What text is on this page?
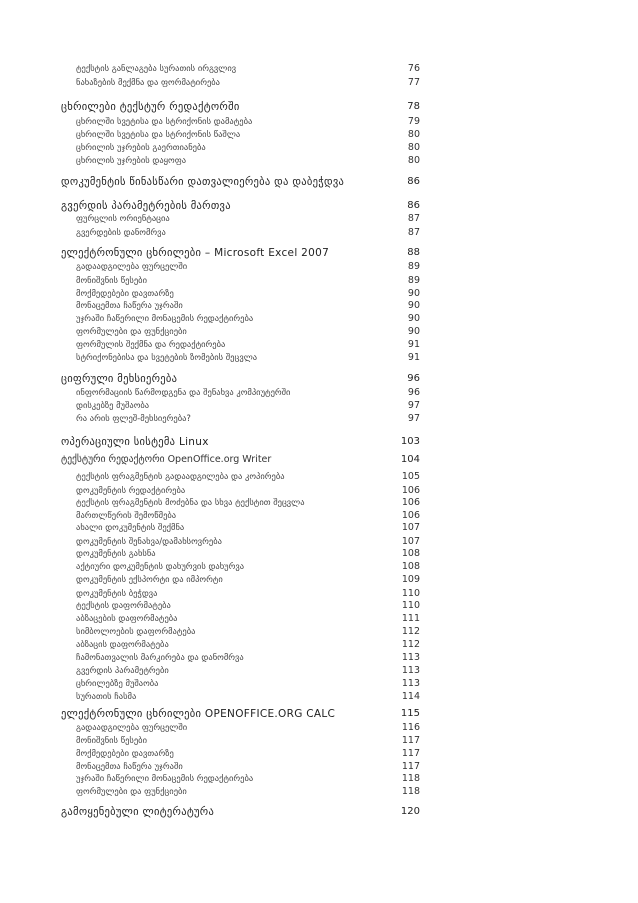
ტექსტის განლაგება სურათის ირგვლივ	76
ნახაზების მექმნა და ფორმატირება	77
ცხრილები ტექსტურ რედაქტორში	78
ცხრილში სვეტისა და სტრიქონის დამატება	79
ცხრილში სვეტისა და სტრიქონის წაშლა	80
ცხრილის უჯრების გაერთიანება	80
ცხრილის უჯრების დაყოფა	80
დოკუმენტის წინასწარი დათვალიერება და დაბეჭდვა	86
გვერდის პარამეტრების მართვა	86
ფურცლის ორიენტაცია	87
გვერდების დანომრვა	87
ელექტრონული ცხრილები – Microsoft Excel 2007	88
გადაადგილება ფურცელში	89
მონიშვნის წესები	89
მოქმედებები დავთარზე	90
მონაცემთა ჩაწერა უჯრაში	90
უჯრაში ჩაწერილი მონაცემის რედაქტირება	90
ფორმულები და ფუნქციები	90
ფორმულის შექმნა და რედაქტირება	91
სტრიქონებისა და სვეტების ზომების შეცვლა	91
ციფრული მეხსიერება	96
ინფორმაციის წარმოდგენა და შენახვა კომპიუტერში	96
დისკებზე მუშაობა	97
რა არის ფლეშ-მეხსიერება?	97
ოპერაციული სისტემა Linux	103
ტექსტური რედაქტორი OpenOffice.org Writer	104
ტექსტის ფრაგმენტის გადაადგილება და კოპირება	105
დოკუმენტის რედაქტირება	106
ტექსტის ფრაგმენტის მოძებნა და სხვა ტექსტით შეცვლა	106
მართლწერის შემოწმება	106
ახალი დოკუმენტის შექმნა	107
დოკუმენტის შენახვა/დამახსოვრება	107
დოკუმენტის გახსნა	108
აქტიური დოკუმენტის დახურვის დახურვა	108
დოკუმენტის ექსპორტი და იმპორტი	109
დოკუმენტის ბეჭდვა	110
ტექსტის დაფორმატება	110
აბზაცების დაფორმატება	111
სიმბოლოების დაფორმატება	112
აბზაცის დაფორმატება	112
ჩამონათვალის მარკირება და დანომრვა	113
გვერდის პარამეტრები	113
ცხრილებზე მუშაობა	113
სურათის ჩასმა	114
ელექტრონული ცხრილები OPENOFFICE.ORG CALC	115
გადაადგილება ფურცელში	116
მონიშვნის წესები	117
მოქმედებები დავთარზე	117
მონაცემთა ჩაწერა უჯრაში	117
უჯრაში ჩაწერილი მონაცემის რედაქტირება	118
ფორმულები და ფუნქციები	118
გამოყენებული ლიტერატურა	120
